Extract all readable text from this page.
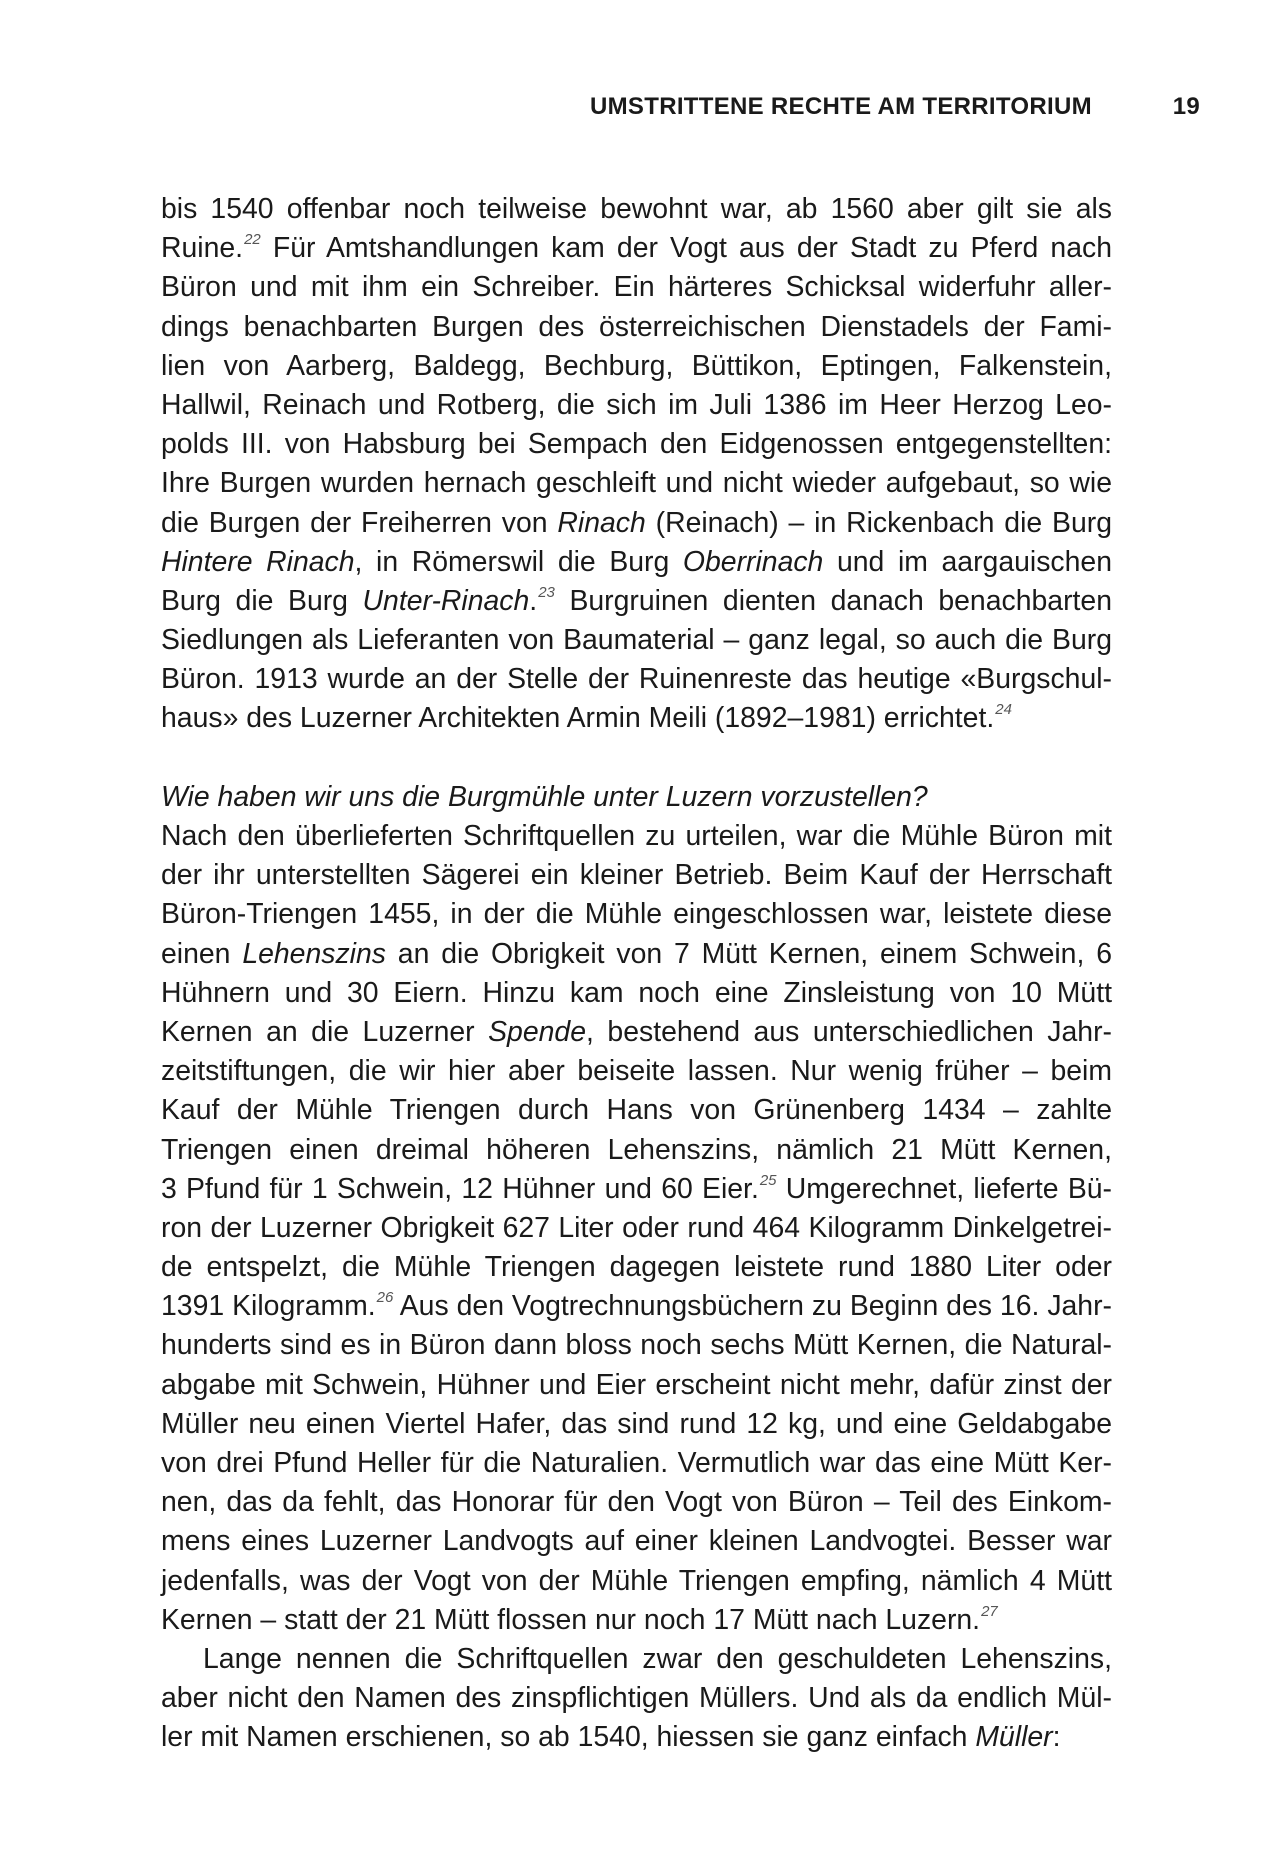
UMSTRITTENE RECHTE AM TERRITORIUM	19
bis 1540 offenbar noch teilweise bewohnt war, ab 1560 aber gilt sie als
Ruine.$^{22}$ Für Amtshandlungen kam der Vogt aus der Stadt zu Pferd nach
Büron und mit ihm ein Schreiber. Ein härteres Schicksal widerfuhr aller-
dings benachbarten Burgen des österreichischen Dienstadels der Fami-
lien von Aarberg, Baldegg, Bechburg, Büttikon, Eptingen, Falkenstein,
Hallwil, Reinach und Rotberg, die sich im Juli 1386 im Heer Herzog Leo-
polds III. von Habsburg bei Sempach den Eidgenossen entgegenstellten:
Ihre Burgen wurden hernach geschleift und nicht wieder aufgebaut, so wie
die Burgen der Freiherren von Rinach (Reinach) – in Rickenbach die Burg
Hintere Rinach, in Römerswil die Burg Oberrinach und im aargauischen
Burg die Burg Unter-Rinach.$^{23}$ Burgruinen dienten danach benachbarten
Siedlungen als Lieferanten von Baumaterial – ganz legal, so auch die Burg
Büron. 1913 wurde an der Stelle der Ruinenreste das heutige «Burgschul-
haus» des Luzerner Architekten Armin Meili (1892–1981) errichtet.$^{24}$
Wie haben wir uns die Burgmühle unter Luzern vorzustellen?
Nach den überlieferten Schriftquellen zu urteilen, war die Mühle Büron mit
der ihr unterstellten Sägerei ein kleiner Betrieb. Beim Kauf der Herrschaft
Büron-Triengen 1455, in der die Mühle eingeschlossen war, leistete diese
einen Lehenszins an die Obrigkeit von 7 Mütt Kernen, einem Schwein, 6
Hühnern und 30 Eiern. Hinzu kam noch eine Zinsleistung von 10 Mütt
Kernen an die Luzerner Spende, bestehend aus unterschiedlichen Jahr-
zeitstiftungen, die wir hier aber beiseite lassen. Nur wenig früher – beim
Kauf der Mühle Triengen durch Hans von Grünenberg 1434 – zahlte
Triengen einen dreimal höheren Lehenszins, nämlich 21 Mütt Kernen,
3 Pfund für 1 Schwein, 12 Hühner und 60 Eier.$^{25}$ Umgerechnet, lieferte Bü-
ron der Luzerner Obrigkeit 627 Liter oder rund 464 Kilogramm Dinkelgetrei-
de entspelzt, die Mühle Triengen dagegen leistete rund 1880 Liter oder
1391 Kilogramm.$^{26}$ Aus den Vogtrechnungsbüchern zu Beginn des 16. Jahr-
hunderts sind es in Büron dann bloss noch sechs Mütt Kernen, die Natural-
abgabe mit Schwein, Hühner und Eier erscheint nicht mehr, dafür zinst der
Müller neu einen Viertel Hafer, das sind rund 12 kg, und eine Geldabgabe
von drei Pfund Heller für die Naturalien. Vermutlich war das eine Mütt Ker-
nen, das da fehlt, das Honorar für den Vogt von Büron – Teil des Einkom-
mens eines Luzerner Landvogts auf einer kleinen Landvogtei. Besser war
jedenfalls, was der Vogt von der Mühle Triengen empfing, nämlich 4 Mütt
Kernen – statt der 21 Mütt flossen nur noch 17 Mütt nach Luzern.$^{27}$
Lange nennen die Schriftquellen zwar den geschuldeten Lehenszins,
aber nicht den Namen des zinspflichtigen Müllers. Und als da endlich Mül-
ler mit Namen erschienen, so ab 1540, hiessen sie ganz einfach Müller:
